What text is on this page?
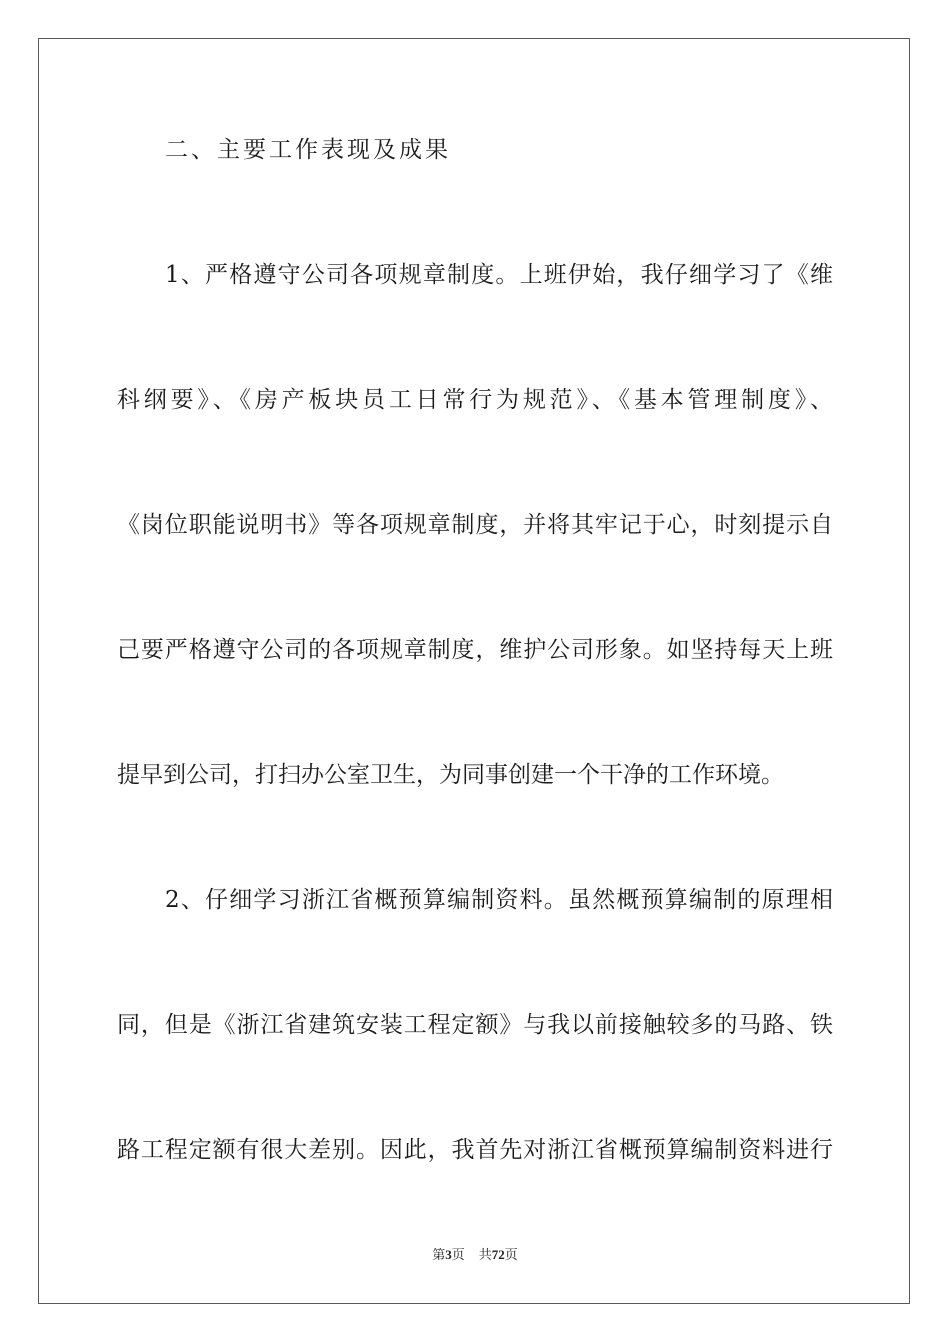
二、主要工作表现及成果
1、严格遵守公司各项规章制度。上班伊始，我仔细学习了《维
科纲要》、《房产板块员工日常行为规范》、《基本管理制度》、
《岗位职能说明书》等各项规章制度，并将其牢记于心，时刻提示自
己要严格遵守公司的各项规章制度，维护公司形象。如坚持每天上班
提早到公司，打扫办公室卫生，为同事创建一个干净的工作环境。
2、仔细学习浙江省概预算编制资料。虽然概预算编制的原理相
同，但是《浙江省建筑安装工程定额》与我以前接触较多的马路、铁
路工程定额有很大差别。因此，我首先对浙江省概预算编制资料进行
第3页 共72页
